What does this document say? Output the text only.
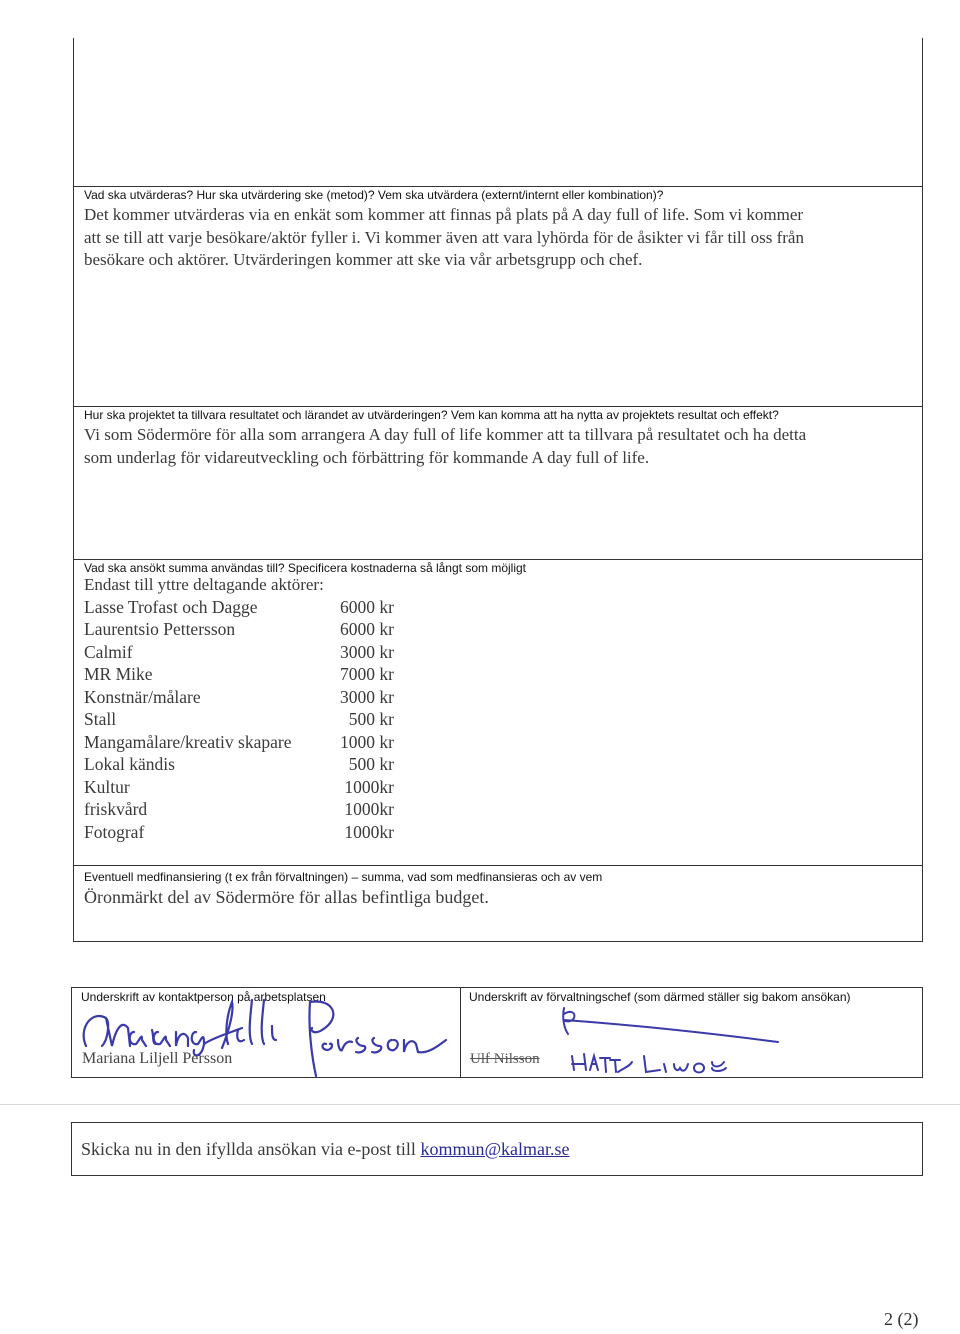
Vad ska utvärderas? Hur ska utvärdering ske (metod)? Vem ska utvärdera (externt/internt eller kombination)?
Det kommer utvärderas via en enkät som kommer att finnas på plats på A day full of life. Som vi kommer
att se till att varje besökare/aktör fyller i. Vi kommer även att vara lyhörda för de åsikter vi får till oss från
besökare och aktörer. Utvärderingen kommer att ske via vår arbetsgrupp och chef.
Hur ska projektet ta tillvara resultatet och lärandet av utvärderingen? Vem kan komma att ha nytta av projektets resultat och effekt?
Vi som Södermöre för alla som arrangera A day full of life kommer att ta tillvara på resultatet och ha detta
som underlag för vidareutveckling och förbättring för kommande A day full of life.
Vad ska ansökt summa användas till? Specificera kostnaderna så långt som möjligt
Endast till yttre deltagande aktörer:
Lasse Trofast och Dagge	6000 kr
Laurentsio Pettersson	6000 kr
Calmif	3000 kr
MR Mike	7000 kr
Konstnär/målare	3000 kr
Stall	500 kr
Mangamålare/kreativ skapare	1000 kr
Lokal kändis	500 kr
Kultur	1000kr
friskvård	1000kr
Fotograf	1000kr
Eventuell medfinansiering (t ex från förvaltningen) – summa, vad som medfinansieras och av vem
Öronmärkt del av Södermöre för allas befintliga budget.
Underskrift av kontaktperson på arbetsplatsen
Mariana Liljell Persson
Underskrift av förvaltningschef (som därmed ställer sig bakom ansökan)
Ulf Nilsson
Skicka nu in den ifyllda ansökan via e-post till kommun@kalmar.se
2 (2)
